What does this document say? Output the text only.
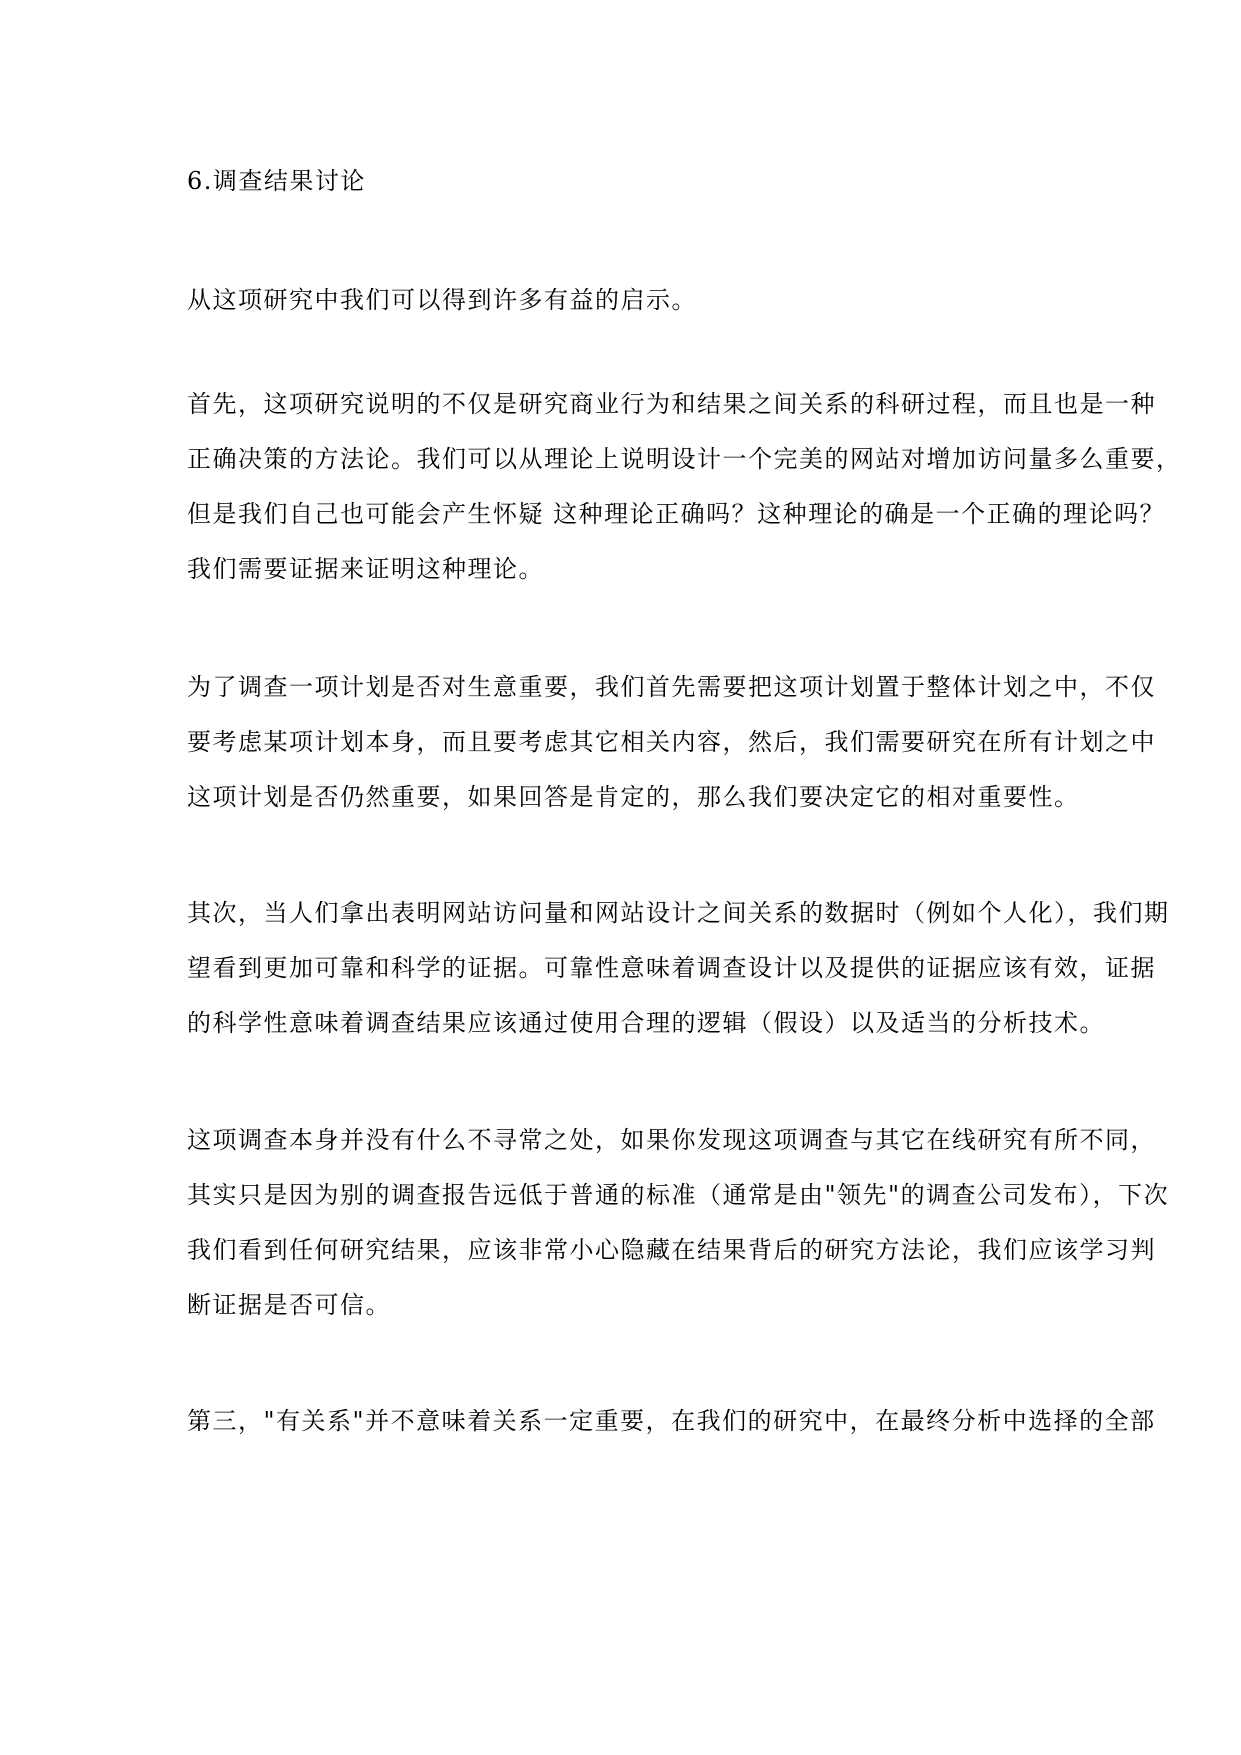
6.调查结果讨论
从这项研究中我们可以得到许多有益的启示。
首先，这项研究说明的不仅是研究商业行为和结果之间关系的科研过程，而且也是一种
正确决策的方法论。我们可以从理论上说明设计一个完美的网站对增加访问量多么重要，
但是我们自己也可能会产生怀疑 这种理论正确吗？这种理论的确是一个正确的理论吗？
我们需要证据来证明这种理论。
为了调查一项计划是否对生意重要，我们首先需要把这项计划置于整体计划之中，不仅
要考虑某项计划本身，而且要考虑其它相关内容，然后，我们需要研究在所有计划之中
这项计划是否仍然重要，如果回答是肯定的，那么我们要决定它的相对重要性。
其次，当人们拿出表明网站访问量和网站设计之间关系的数据时（例如个人化），我们期
望看到更加可靠和科学的证据。可靠性意味着调查设计以及提供的证据应该有效，证据
的科学性意味着调查结果应该通过使用合理的逻辑（假设）以及适当的分析技术。
这项调查本身并没有什么不寻常之处，如果你发现这项调查与其它在线研究有所不同，
其实只是因为别的调查报告远低于普通的标准（通常是由"领先"的调查公司发布），下次
我们看到任何研究结果，应该非常小心隐藏在结果背后的研究方法论，我们应该学习判
断证据是否可信。
第三，"有关系"并不意味着关系一定重要，在我们的研究中，在最终分析中选择的全部
